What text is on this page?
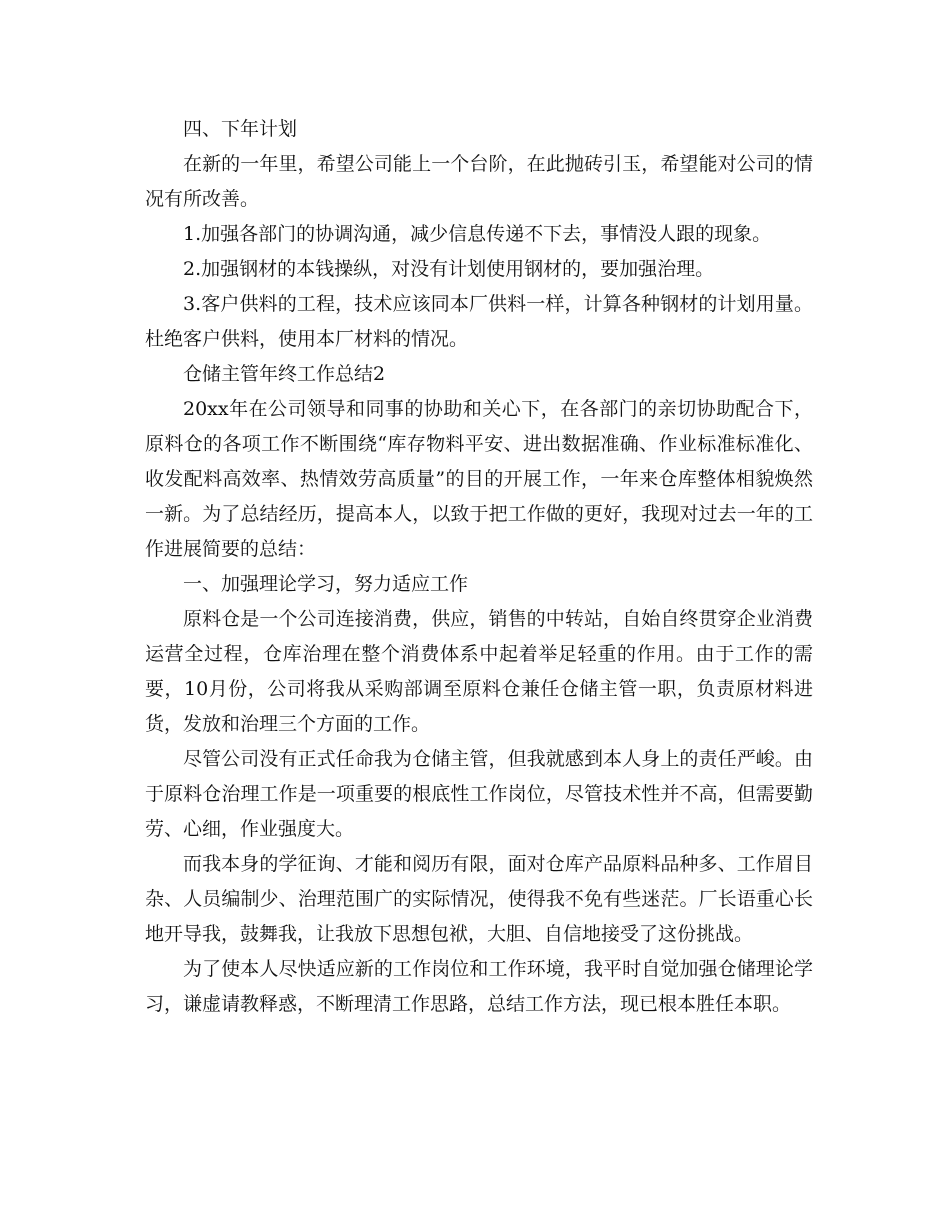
四、下年计划

在新的一年里，希望公司能上一个台阶，在此抛砖引玉，希望能对公司的情况有所改善。

1.加强各部门的协调沟通，减少信息传递不下去，事情没人跟的现象。

2.加强钢材的本钱操纵，对没有计划使用钢材的，要加强治理。

3.客户供料的工程，技术应该同本厂供料一样，计算各种钢材的计划用量。杜绝客户供料，使用本厂材料的情况。

仓储主管年终工作总结2

20xx年在公司领导和同事的协助和关心下，在各部门的亲切协助配合下，原料仓的各项工作不断围绕“库存物料平安、进出数据准确、作业标准标准化、收发配料高效率、热情效劳高质量”的目的开展工作，一年来仓库整体相貌焕然一新。为了总结经历，提高本人，以致于把工作做的更好，我现对过去一年的工作进展简要的总结：

一、加强理论学习，努力适应工作

原料仓是一个公司连接消费，供应，销售的中转站，自始自终贯穿企业消费运营全过程，仓库治理在整个消费体系中起着举足轻重的作用。由于工作的需要，10月份，公司将我从采购部调至原料仓兼任仓储主管一职，负责原材料进货，发放和治理三个方面的工作。

尽管公司没有正式任命我为仓储主管，但我就感到本人身上的责任严峻。由于原料仓治理工作是一项重要的根底性工作岗位，尽管技术性并不高，但需要勤劳、心细，作业强度大。

而我本身的学征询、才能和阅历有限，面对仓库产品原料品种多、工作眉目杂、人员编制少、治理范围广的实际情况，使得我不免有些迷茫。厂长语重心长地开导我，鼓舞我，让我放下思想包袱，大胆、自信地接受了这份挑战。

为了使本人尽快适应新的工作岗位和工作环境，我平时自觉加强仓储理论学习，谦虚请教释惑，不断理清工作思路，总结工作方法，现已根本胜任本职。
